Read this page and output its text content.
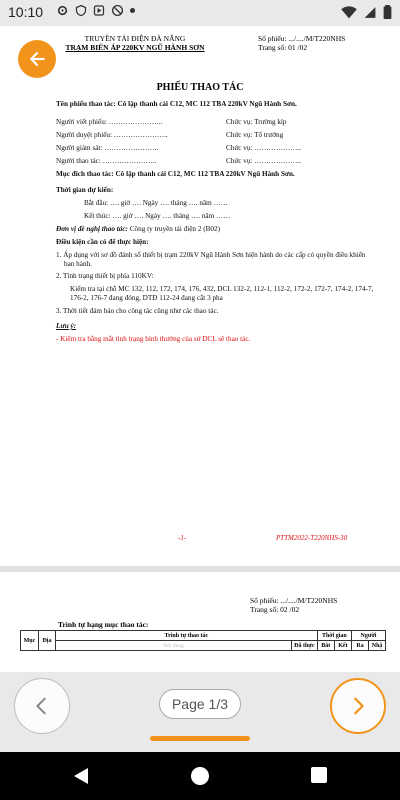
10:10
TRUYỀN TẢI ĐIỆN ĐÀ NẴNG
TRẠM BIẾN ÁP 220KV NGŨ HÀNH SƠN
Số phiếu: .../..../M/T220NHS
Trang số: 01 /02
PHIẾU THAO TÁC
Tên phiếu thao tác: Cô lập thanh cái C12, MC 112 TBA 220kV Ngũ Hành Sơn.
Người viết phiếu: …………………..	Chức vụ: Trưởng kíp
Người duyệt phiếu: …………………..	Chức vụ: Tổ trưởng
Người giám sát: …………………..	Chức vụ: ………………..
Người thao tác: …………………..	Chức vụ: ………………..
Mục đích thao tác: Cô lập thanh cái C12, MC 112 TBA 220kV Ngũ Hành Sơn.
Thời gian dự kiến:
Bắt đầu: …. giờ …. Ngày …. tháng …. năm ……
Kết thúc: …. giờ …. Ngày …. tháng …. năm ……
Đơn vị đề nghị thao tác: Công ty truyền tải điện 2 (B02)
Điều kiện cần có để thực hiện:
1. Áp dụng với sơ đồ đánh số thiết bị trạm 220kV Ngũ Hành Sơn hiện hành do các cấp có quyền điều khiển ban hành.
2. Tình trạng thiết bị phía 110KV:
Kiểm tra tại chỗ MC 132, 112, 172, 174, 176, 432, DCL 132-2, 112-1, 112-2, 172-2, 172-7, 174-2, 174-7, 176-2, 176-7 đang đóng, DTĐ 112-24 đang cắt 3 pha
3. Thời tiết đảm bảo cho công tác cũng như các thao tác.
Lưu ý:
- Kiểm tra bằng mắt tình trạng bình thường của sứ DCL sẽ thao tác.
-1-	PTTM2022-T220NHS-30
Số phiếu: .../..../M/T220NHS
Trang số: 02 /02
Trình tự hạng mục thao tác:
Mục	Địa	Trình tự thao tác		Thời gian		Người	
		Nội dung	Đã thực	Bắt	Kết	Ra	Nhậ
Page 1/3
